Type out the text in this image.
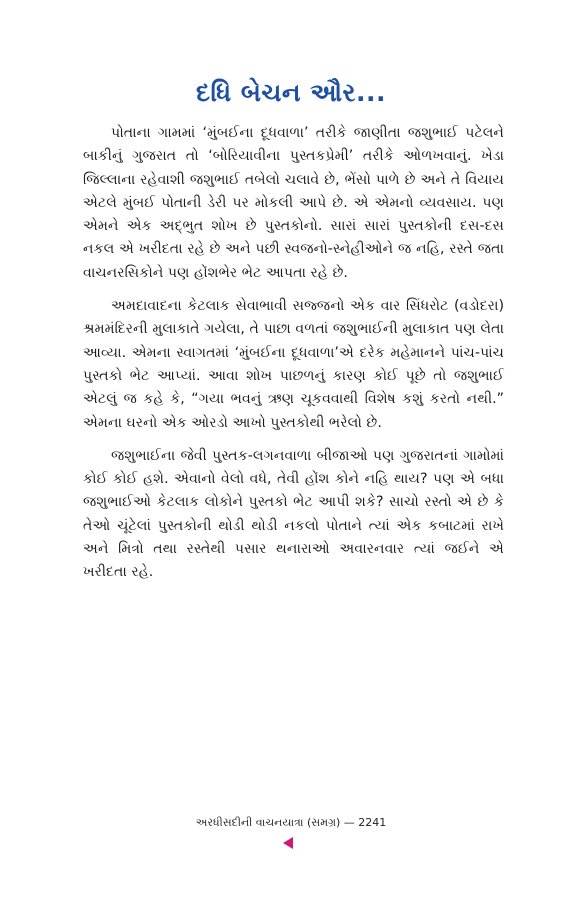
દધિ બેચન ઔર...

પોતાના ગામમાં ‘મુંબઈના દૂધવાળા’ તરીકે જાણીતા જશુભાઈ પટેલને બાકીનું ગુજરાત તો ‘બોરિયાવીના પુસ્તકપ્રેમી’ તરીકે ઓળખવાનું. ખેડા જિલ્લાના રહેવાશી જશુભાઈ તબેલો ચલાવે છે, ભેંસો પાળે છે અને તે વિયાય એટલે મુંબઈ પોતાની ડેરી પર મોકલી આપે છે. એ એમનો વ્યવસાય. પણ એમને એક અદ્ભુત શોખ છે પુસ્તકોનો. સારાં સારાં પુસ્તકોની દસ-દસ નકલ એ ખરીદતા રહે છે અને પછી સ્વજનો-સ્નેહીઓને જ નહિ, રસ્તે જતા વાચનરસિકોને પણ હોંશભેર ભેટ આપતા રહે છે.

અમદાવાદના કેટલાક સેવાભાવી સજ્જનો એક વાર સિંધરોટ (વડોદરા) શ્રમમંદિરની મુલાકાતે ગયેલા, તે પાછા વળતાં જશુભાઈની મુલાકાત પણ લેતા આવ્યા. એમના સ્વાગતમાં ‘મુંબઈના દૂધવાળા’એ દરેક મહેમાનને પાંચ-પાંચ પુસ્તકો ભેટ આપ્યાં. આવા શોખ પાછળનું કારણ કોઈ પૂછે તો જશુભાઈ એટલું જ કહે કે, “ગયા ભવનું ઋણ ચૂકવવાથી વિશેષ કશું કરતો નથી.” એમના ઘરનો એક ઓરડો આખો પુસ્તકોથી ભરેલો છે.

જશુભાઈના જેવી પુસ્તક-લગનવાળા બીજાઓ પણ ગુજરાતનાં ગામોમાં કોઈ કોઈ હશે. એવાનો વેલો વધે, તેવી હોંશ કોને નહિ થાય? પણ એ બધા જશુભાઈઓ કેટલાક લોકોને પુસ્તકો ભેટ આપી શકે? સાચો રસ્તો એ છે કે તેઓ ચૂંટેલાં પુસ્તકોની થોડી થોડી નકલો પોતાને ત્યાં એક કબાટમાં રાખે અને મિત્રો તથા રસ્તેથી પસાર થનારાઓ અવારનવાર ત્યાં જઈને એ ખરીદતા રહે.

અરધીસદીની વાચનયાત્રા (સમગ્ર) — 2241
